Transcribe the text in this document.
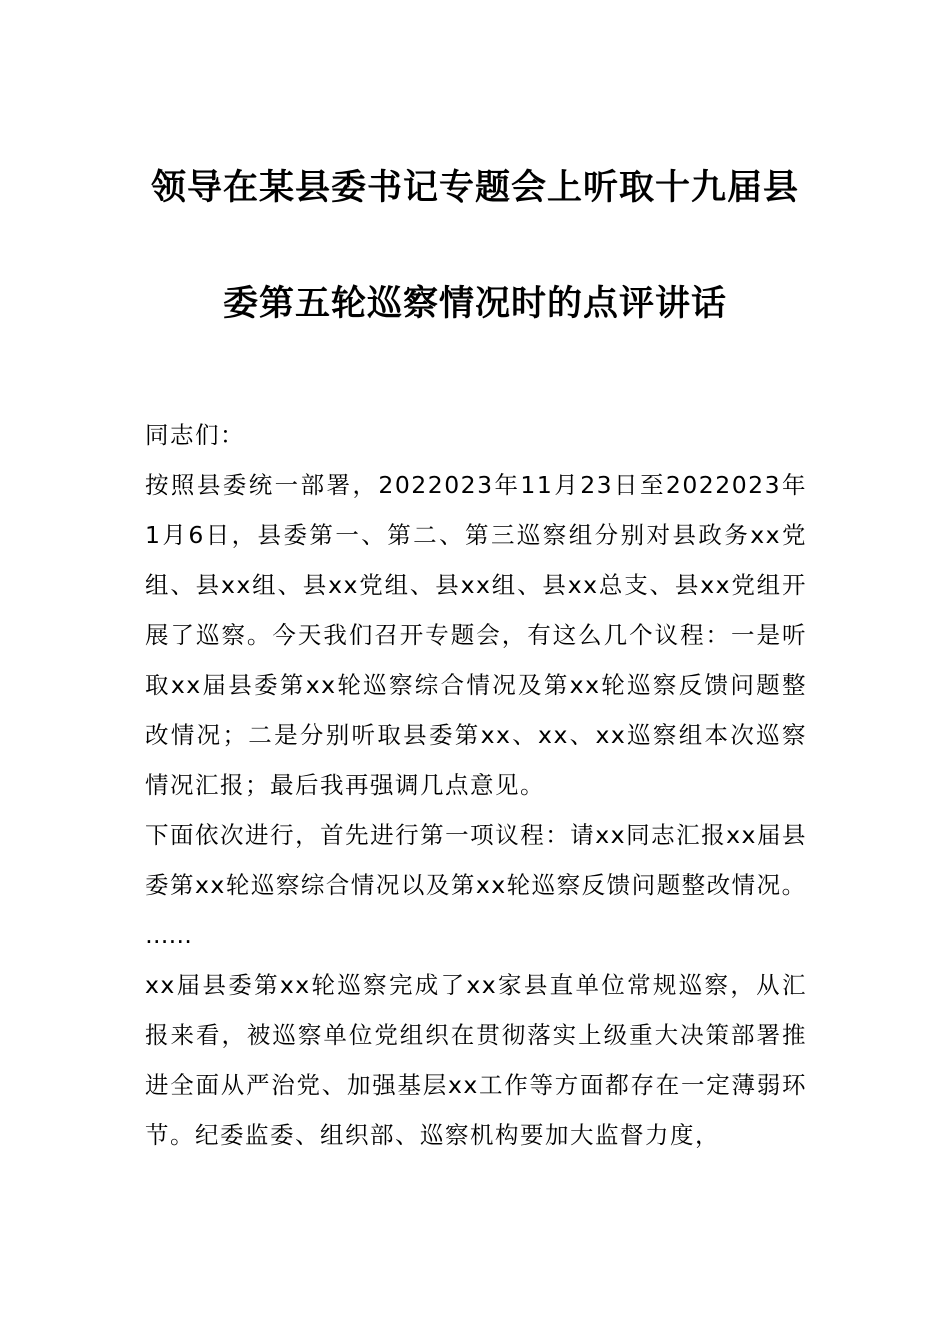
领导在某县委书记专题会上听取十九届县
委第五轮巡察情况时的点评讲话

同志们：

按照县委统一部署，2022023年11月23日至2022023年1月6日，县委第一、第二、第三巡察组分别对县政务xx党组、县xx组、县xx党组、县xx组、县xx总支、县xx党组开展了巡察。今天我们召开专题会，有这么几个议程：一是听取xx届县委第xx轮巡察综合情况及第xx轮巡察反馈问题整改情况；二是分别听取县委第xx、xx、xx巡察组本次巡察情况汇报；最后我再强调几点意见。

下面依次进行，首先进行第一项议程：请xx同志汇报xx届县委第xx轮巡察综合情况以及第xx轮巡察反馈问题整改情况。

……

xx届县委第xx轮巡察完成了xx家县直单位常规巡察，从汇报来看，被巡察单位党组织在贯彻落实上级重大决策部署推进全面从严治党、加强基层xx工作等方面都存在一定薄弱环节。纪委监委、组织部、巡察机构要加大监督力度，
